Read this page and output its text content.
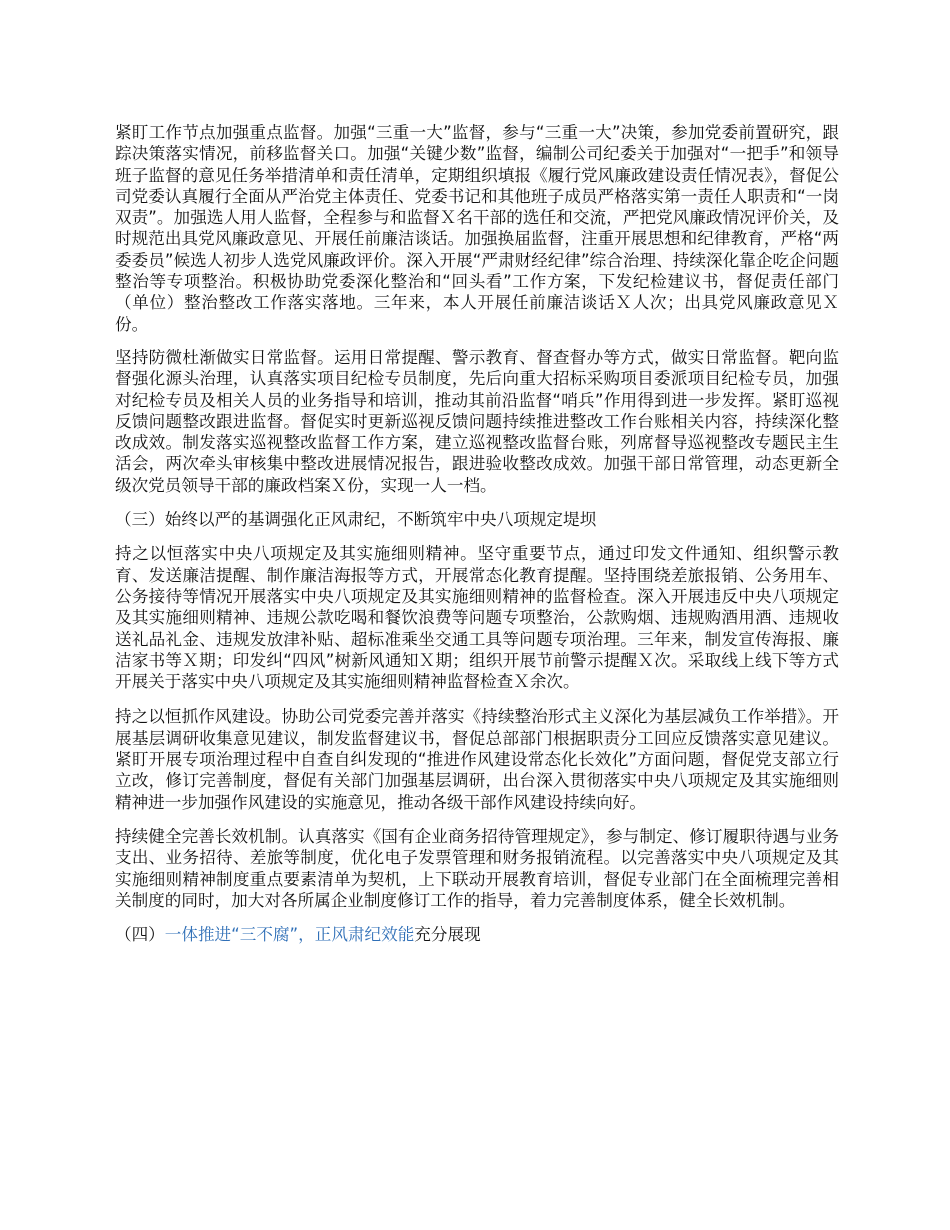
紧盯工作节点加强重点监督。加强“三重一大”监督，参与“三重一大”决策，参加党委前置研究，跟踪决策落实情况，前移监督关口。加强“关键少数”监督，编制公司纪委关于加强对“一把手”和领导班子监督的意见任务举措清单和责任清单，定期组织填报《履行党风廉政建设责任情况表》，督促公司党委认真履行全面从严治党主体责任、党委书记和其他班子成员严格落实第一责任人职责和“一岗双责”。加强选人用人监督，全程参与和监督Ｘ名干部的选任和交流，严把党风廉政情况评价关，及时规范出具党风廉政意见、开展任前廉洁谈话。加强换届监督，注重开展思想和纪律教育，严格“两委委员”候选人初步人选党风廉政评价。深入开展“严肃财经纪律”综合治理、持续深化靠企吃企问题整治等专项整治。积极协助党委深化整治和“回头看”工作方案，下发纪检建议书，督促责任部门（单位）整治整改工作落实落地。三年来，本人开展任前廉洁谈话Ｘ人次；出具党风廉政意见Ｘ份。

坚持防微杜渐做实日常监督。运用日常提醒、警示教育、督查督办等方式，做实日常监督。靶向监督强化源头治理，认真落实项目纪检专员制度，先后向重大招标采购项目委派项目纪检专员，加强对纪检专员及相关人员的业务指导和培训，推动其前沿监督“哨兵”作用得到进一步发挥。紧盯巡视反馈问题整改跟进监督。督促实时更新巡视反馈问题持续推进整改工作台账相关内容，持续深化整改成效。制发落实巡视整改监督工作方案，建立巡视整改监督台账，列席督导巡视整改专题民主生活会，两次牵头审核集中整改进展情况报告，跟进验收整改成效。加强干部日常管理，动态更新全级次党员领导干部的廉政档案Ｘ份，实现一人一档。

（三）始终以严的基调强化正风肃纪，不断筑牢中央八项规定堤坝

持之以恒落实中央八项规定及其实施细则精神。坚守重要节点，通过印发文件通知、组织警示教育、发送廉洁提醒、制作廉洁海报等方式，开展常态化教育提醒。坚持围绕差旅报销、公务用车、公务接待等情况开展落实中央八项规定及其实施细则精神的监督检查。深入开展违反中央八项规定及其实施细则精神、违规公款吃喝和餐饮浪费等问题专项整治，公款购烟、违规购酒用酒、违规收送礼品礼金、违规发放津补贴、超标准乘坐交通工具等问题专项治理。三年来，制发宣传海报、廉洁家书等Ｘ期；印发纠“四风”树新风通知Ｘ期；组织开展节前警示提醒Ｘ次。采取线上线下等方式开展关于落实中央八项规定及其实施细则精神监督检查Ｘ余次。

持之以恒抓作风建设。协助公司党委完善并落实《持续整治形式主义深化为基层减负工作举措》。开展基层调研收集意见建议，制发监督建议书，督促总部部门根据职责分工回应反馈落实意见建议。紧盯开展专项治理过程中自查自纠发现的“推进作风建设常态化长效化”方面问题，督促党支部立行立改，修订完善制度，督促有关部门加强基层调研，出台深入贯彻落实中央八项规定及其实施细则精神进一步加强作风建设的实施意见，推动各级干部作风建设持续向好。

持续健全完善长效机制。认真落实《国有企业商务招待管理规定》，参与制定、修订履职待遇与业务支出、业务招待、差旅等制度，优化电子发票管理和财务报销流程。以完善落实中央八项规定及其实施细则精神制度重点要素清单为契机，上下联动开展教育培训，督促专业部门在全面梳理完善相关制度的同时，加大对各所属企业制度修订工作的指导，着力完善制度体系，健全长效机制。

（四）一体推进“三不腐”，正风肃纪效能充分展现
